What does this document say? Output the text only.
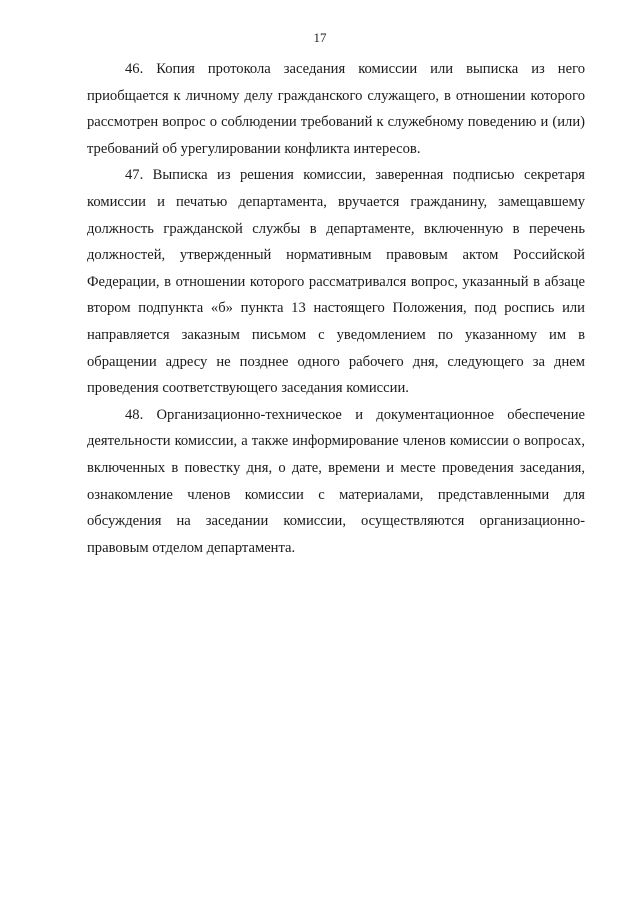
17

46. Копия протокола заседания комиссии или выписка из него приобщается к личному делу гражданского служащего, в отношении которого рассмотрен вопрос о соблюдении требований к служебному поведению и (или) требований об урегулировании конфликта интересов.

47. Выписка из решения комиссии, заверенная подписью секретаря комиссии и печатью департамента, вручается гражданину, замещавшему должность гражданской службы в департаменте, включенную в перечень должностей, утвержденный нормативным правовым актом Российской Федерации, в отношении которого рассматривался вопрос, указанный в абзаце втором подпункта «б» пункта 13 настоящего Положения, под роспись или направляется заказным письмом с уведомлением по указанному им в обращении адресу не позднее одного рабочего дня, следующего за днем проведения соответствующего заседания комиссии.

48. Организационно-техническое и документационное обеспечение деятельности комиссии, а также информирование членов комиссии о вопросах, включенных в повестку дня, о дате, времени и месте проведения заседания, ознакомление членов комиссии с материалами, представленными для обсуждения на заседании комиссии, осуществляются организационно-правовым отделом департамента.
